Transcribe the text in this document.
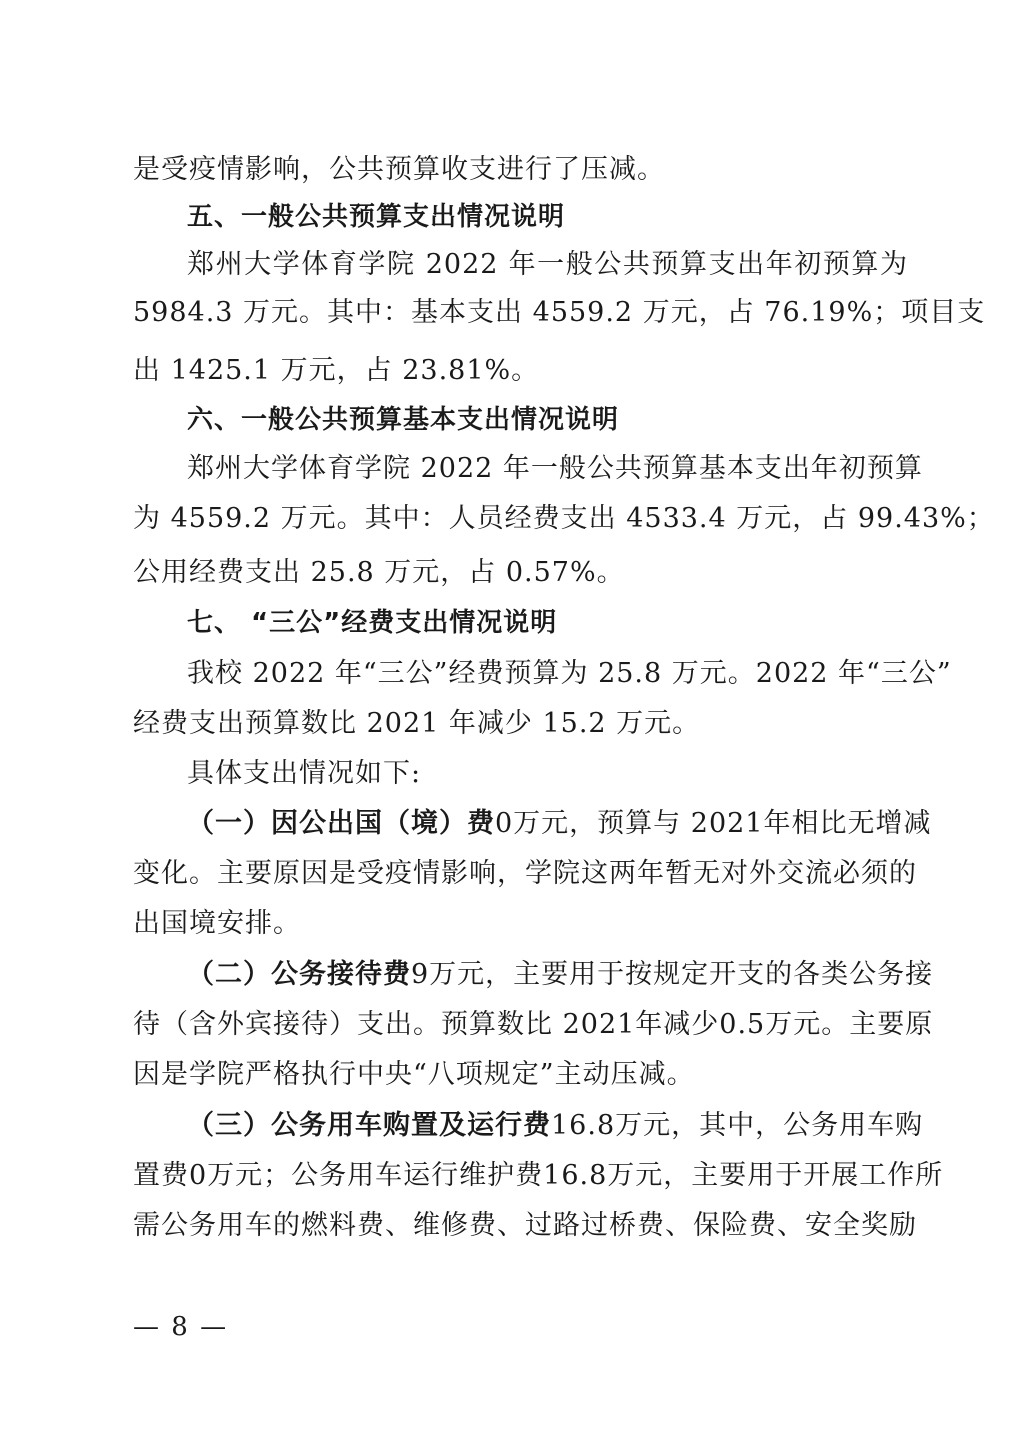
是受疫情影响，公共预算收支进行了压减。
五、一般公共预算支出情况说明
郑州大学体育学院 2022 年一般公共预算支出年初预算为
5984.3 万元。其中：基本支出 4559.2 万元，占 76.19%；项目支
出 1425.1 万元，占 23.81%。
六、一般公共预算基本支出情况说明
郑州大学体育学院 2022 年一般公共预算基本支出年初预算
为 4559.2 万元。其中：人员经费支出 4533.4 万元，占 99.43%；
公用经费支出 25.8 万元，占 0.57%。
七、 “三公”经费支出情况说明
我校 2022 年“三公”经费预算为 25.8 万元。2022 年“三公”
经费支出预算数比 2021 年减少 15.2 万元。
具体支出情况如下:
（一）因公出国（境）费0万元，预算与 2021年相比无增减
变化。主要原因是受疫情影响，学院这两年暂无对外交流必须的
出国境安排。
（二）公务接待费9万元，主要用于按规定开支的各类公务接
待（含外宾接待）支出。预算数比 2021年减少0.5万元。主要原
因是学院严格执行中央“八项规定”主动压减。
（三）公务用车购置及运行费16.8万元，其中，公务用车购
置费0万元；公务用车运行维护费16.8万元，主要用于开展工作所
需公务用车的燃料费、维修费、过路过桥费、保险费、安全奖励
— 8 —
